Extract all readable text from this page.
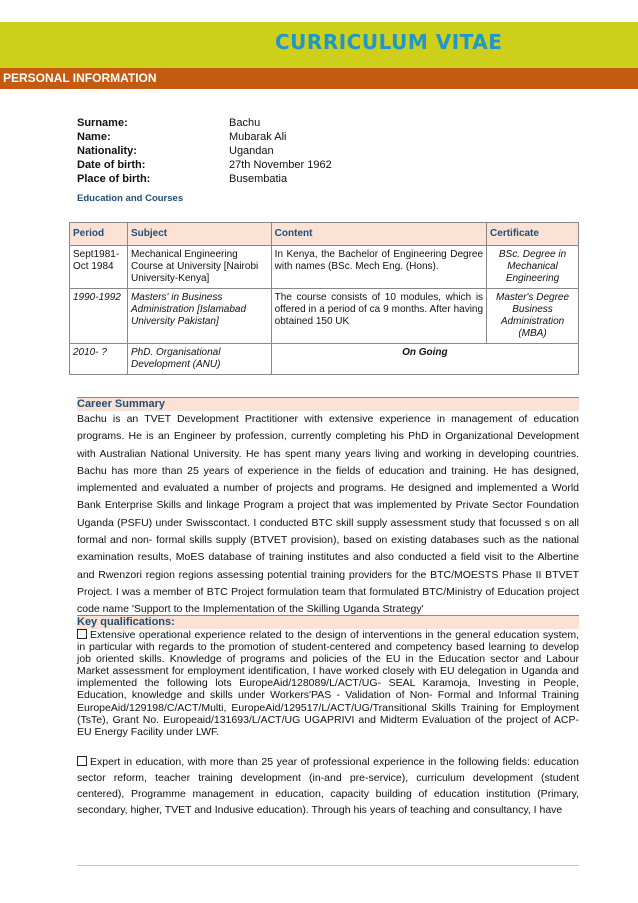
CURRICULUM VITAE
PERSONAL INFORMATION
Surname:	Bachu
Name:	Mubarak Ali
Nationality:	Ugandan
Date of birth:	27th November 1962
Place of birth:	Busembatia
Education and Courses
Period	Subject	Content	Certificate
Sept1981-Oct 1984	Mechanical Engineering Course at University [Nairobi University-Kenya]	In Kenya, the Bachelor of Engineering Degree with names (BSc. Mech Eng. (Hons).	BSc. Degree in Mechanical Engineering
1990-1992	Masters' in Business Administration [Islamabad University Pakistan]	The course consists of 10 modules, which is offered in a period of ca 9 months. After having obtained 150 UK	Master's Degree Business Administration (MBA)
2010- ?	PhD. Organisational Development (ANU)	On Going	
Career Summary
Bachu is an TVET Development Practitioner with extensive experience in management of education programs. He is an Engineer by profession, currently completing his PhD in Organizational Development with Australian National University. He has spent many years living and working in developing countries. Bachu has more than 25 years of experience in the fields of education and training. He has designed, implemented and evaluated a number of projects and programs. He designed and implemented a World Bank Enterprise Skills and linkage Program a project that was implemented by Private Sector Foundation Uganda (PSFU) under Swisscontact. I conducted BTC skill supply assessment study that focussed s on all formal and non- formal skills supply (BTVET provision), based on existing databases such as the national examination results, MoES database of training institutes and also conducted a field visit to the Albertine and Rwenzori region regions assessing potential training providers for the BTC/MOESTS Phase II BTVET Project. I was a member of BTC Project formulation team that formulated BTC/Ministry of Education project code name 'Support to the Implementation of the Skilling Uganda Strategy'
Key qualifications:
Extensive operational experience related to the design of interventions in the general education system, in particular with regards to the promotion of student-centered and competency based learning to develop job oriented skills. Knowledge of programs and policies of the EU in the Education sector and Labour Market assessment for employment identification, I have worked closely with EU delegation in Uganda and implemented the following lots EuropeAid/128089/L/ACT/UG- SEAL Karamoja, Investing in People, Education, knowledge and skills under Workers'PAS - Validation of Non- Formal and Informal Training EuropeAid/129198/C/ACT/Multi, EuropeAid/129517/L/ACT/UG/Transitional Skills Training for Employment (TsTe), Grant No. Europeaid/131693/L/ACT/UG UGAPRIVI and Midterm Evaluation of the project of ACP-EU Energy Facility under LWF.
Expert in education, with more than 25 year of professional experience in the following fields: education sector reform, teacher training development (in-and pre-service), curriculum development (student centered), Programme management in education, capacity building of education institution (Primary, secondary, higher, TVET and Indusive education). Through his years of teaching and consultancy, I have
